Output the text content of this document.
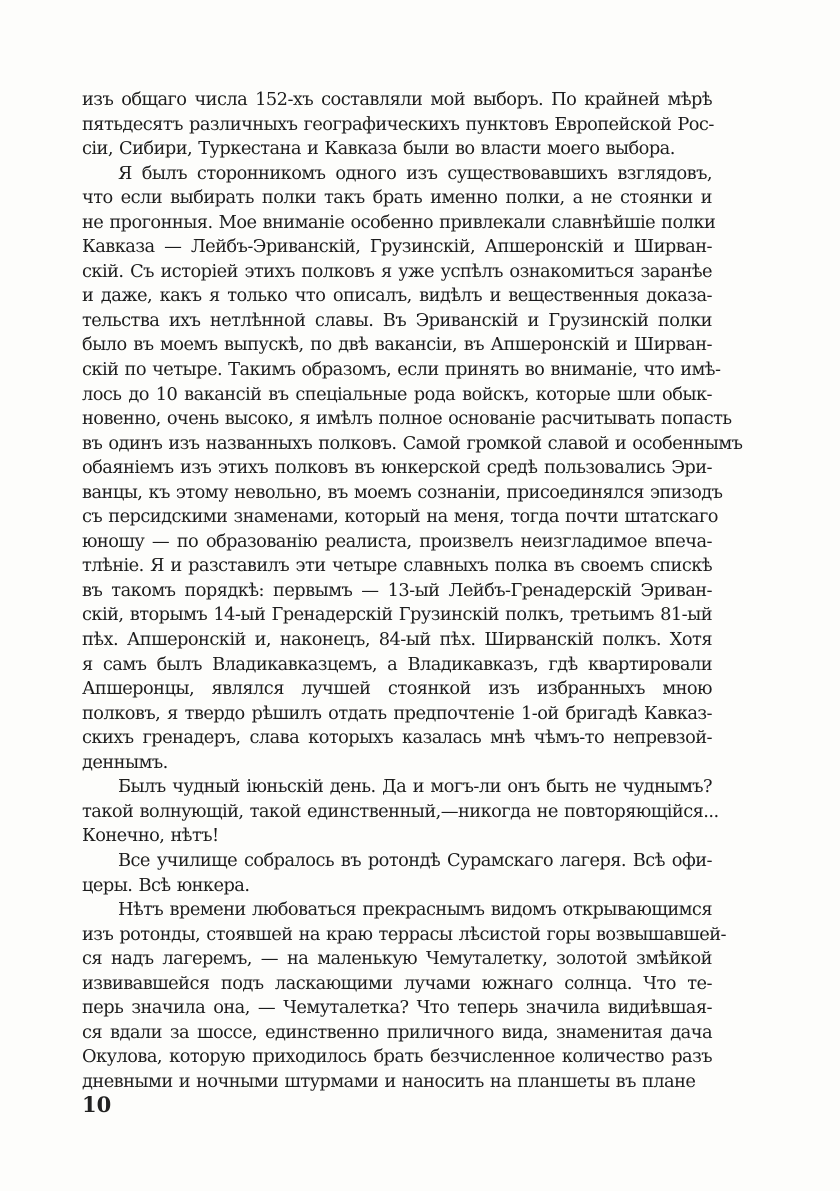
изъ общаго числа 152-хъ составляли мой выборъ. По крайней мѣрѣ
пятьдесятъ различныхъ географическихъ пунктовъ Европейской Рос-
сіи, Сибири, Туркестана и Кавказа были во власти моего выбора.
Я былъ сторонникомъ одного изъ существовавшихъ взглядовъ,
что если выбирать полки такъ брать именно полки, а не стоянки и
не прогонныя. Мое вниманіе особенно привлекали славнѣйшіе полки
Кавказа — Лейбъ-Эриванскій, Грузинскій, Апшеронскій и Ширван-
скій. Съ исторіей этихъ полковъ я уже успѣлъ ознакомиться заранѣе
и даже, какъ я только что описалъ, видѣлъ и вещественныя доказа-
тельства ихъ нетлѣнной славы. Въ Эриванскій и Грузинскій полки
было въ моемъ выпускѣ, по двѣ вакансіи, въ Апшеронскій и Ширван-
скій по четыре. Такимъ образомъ, если принять во вниманіе, что имѣ-
лось до 10 вакансій въ спеціальные рода войскъ, которые шли обык-
новенно, очень высоко, я имѣлъ полное основаніе расчитывать попасть
въ одинъ изъ названныхъ полковъ. Самой громкой славой и особеннымъ
обаяніемъ изъ этихъ полковъ въ юнкерской средѣ пользовались Эри-
ванцы, къ этому невольно, въ моемъ сознаніи, присоединялся эпизодъ
съ персидскими знаменами, который на меня, тогда почти штатскаго
юношу — по образованію реалиста, произвелъ неизгладимое впеча-
тлѣніе. Я и разставилъ эти четыре славныхъ полка въ своемъ спискѣ
въ такомъ порядкѣ: первымъ — 13-ый Лейбъ-Гренадерскій Эриван-
скій, вторымъ 14-ый Гренадерскій Грузинскій полкъ, третьимъ 81-ый
пѣх. Апшеронскій и, наконецъ, 84-ый пѣх. Ширванскій полкъ. Хотя
я самъ былъ Владикавказцемъ, а Владикавказъ, гдѣ квартировали
Апшеронцы, являлся лучшей стоянкой изъ избранныхъ мною
полковъ, я твердо рѣшилъ отдать предпочтеніе 1-ой бригадѣ Кавказ-
скихъ гренадеръ, слава которыхъ казалась мнѣ чѣмъ-то непревзой-
деннымъ.
Былъ чудный іюньскій день. Да и могъ-ли онъ быть не чуднымъ?
такой волнующій, такой единственный,—никогда не повторяющійся...
Конечно, нѣтъ!
Все училище собралось въ ротондѣ Сурамскаго лагеря. Всѣ офи-
церы. Всѣ юнкера.
Нѣтъ времени любоваться прекраснымъ видомъ открывающимся
изъ ротонды, стоявшей на краю террасы лѣсистой горы возвышавшей-
ся надъ лагеремъ, — на маленькую Чемуталетку, золотой змѣйкой
извивавшейся подъ ласкающими лучами южнаго солнца. Что те-
перь значила она, — Чемуталетка? Что теперь значила видиѣвшая-
ся вдали за шоссе, единственно приличного вида, знаменитая дача
Окулова, которую приходилось брать безчисленное количество разъ
дневными и ночными штурмами и наносить на планшеты въ плане
10
